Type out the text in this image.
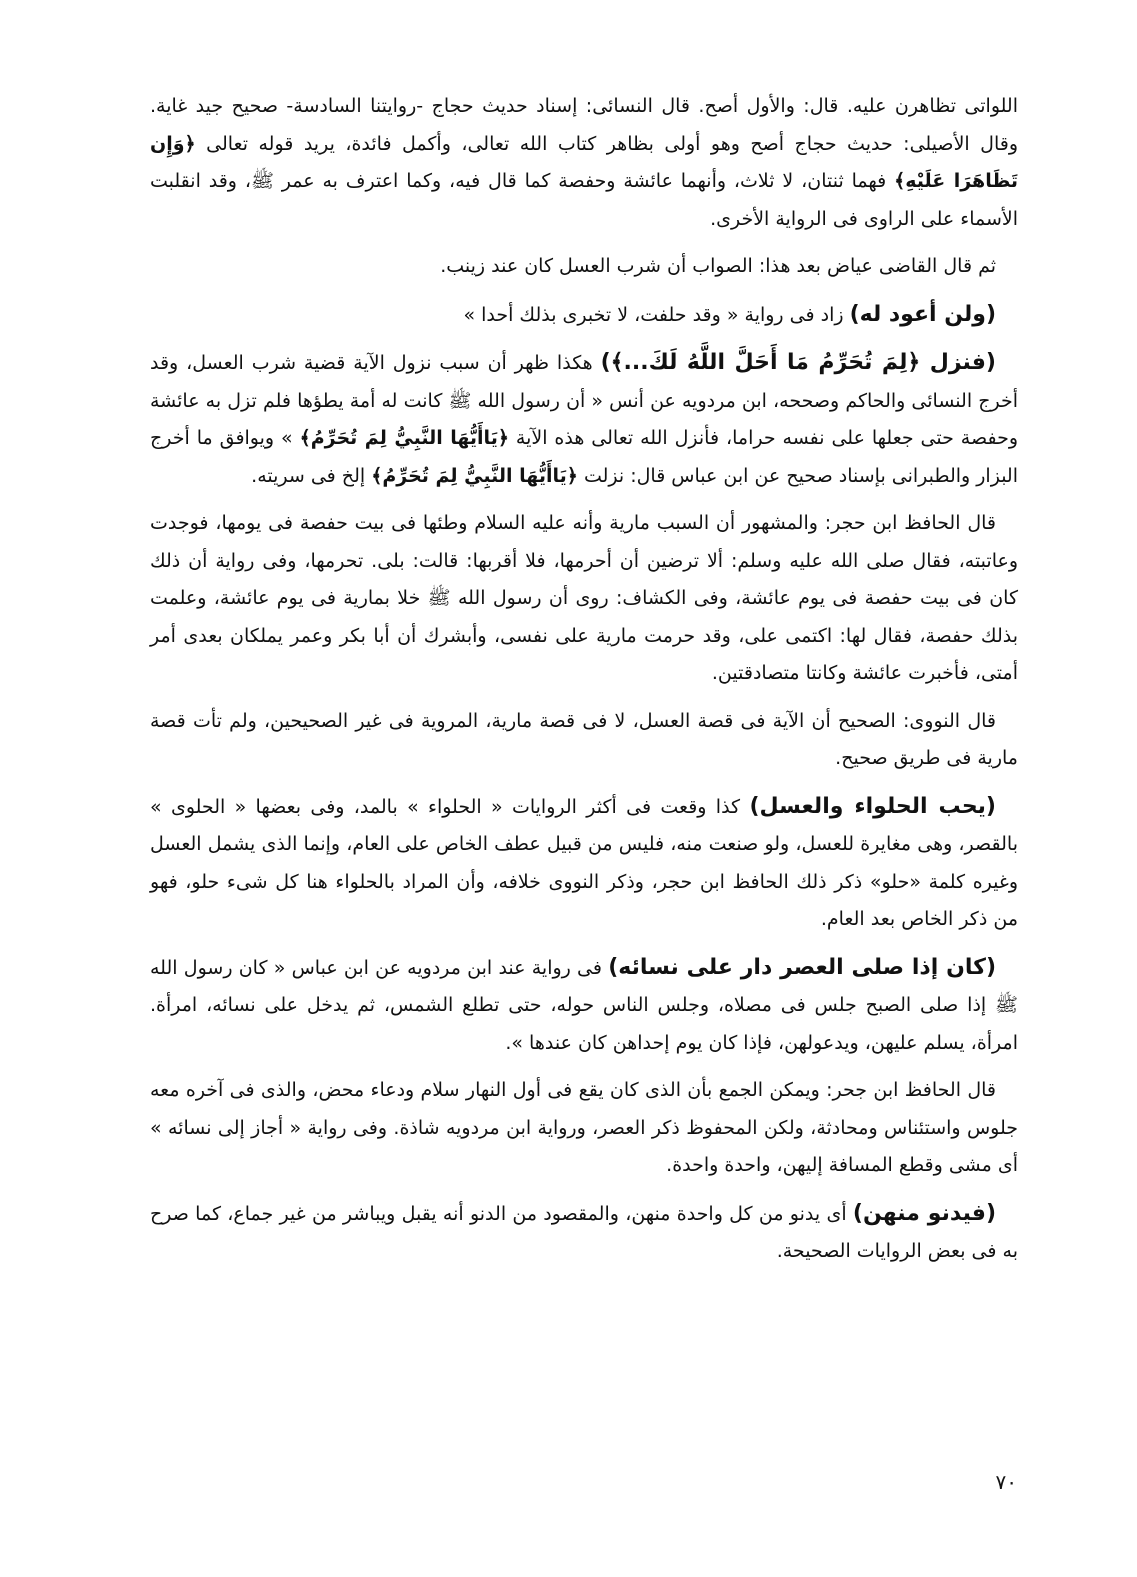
اللواتى تظاهرن عليه. قال: والأول أصح. قال النسائى: إسناد حديث حجاج -روايتنا السادسة- صحيح جيد غاية. وقال الأصيلى: حديث حجاج أصح وهو أولى بظاهر كتاب الله تعالى، وأكمل فائدة، يريد قوله تعالى ﴿وَإِن تَظَاهَرَا عَلَيْهِ﴾ فهما ثنتان، لا ثلاث، وأنهما عائشة وحفصة كما قال فيه، وكما اعترف به عمر ﷺ، وقد انقلبت الأسماء على الراوى فى الرواية الأخرى.

ثم قال القاضى عياض بعد هذا: الصواب أن شرب العسل كان عند زينب.

(ولن أعود له) زاد فى رواية « وقد حلفت، لا تخبرى بذلك أحدا »

(فنزل ﴿لِمَ تُحَرِّمُ مَا أَحَلَّ اللَّهُ لَكَ...﴾) هكذا ظهر أن سبب نزول الآية قضية شرب العسل، وقد أخرج النسائى والحاكم وصححه، ابن مردويه عن أنس « أن رسول الله ﷺ كانت له أمة يطؤها فلم تزل به عائشة وحفصة حتى جعلها على نفسه حراما، فأنزل الله تعالى هذه الآية ﴿يَاأَيُّهَا النَّبِيُّ لِمَ تُحَرِّمُ﴾ » ويوافق ما أخرج البزار والطبرانى بإسناد صحيح عن ابن عباس قال: نزلت ﴿يَاأَيُّهَا النَّبِيُّ لِمَ تُحَرِّمُ﴾ إلخ فى سريته.

قال الحافظ ابن حجر: والمشهور أن السبب مارية وأنه عليه السلام وطئها فى بيت حفصة فى يومها، فوجدت وعاتبته، فقال صلى الله عليه وسلم: ألا ترضين أن أحرمها، فلا أقربها: قالت: بلى. تحرمها، وفى رواية أن ذلك كان فى بيت حفصة فى يوم عائشة، وفى الكشاف: روى أن رسول الله ﷺ خلا بمارية فى يوم عائشة، وعلمت بذلك حفصة، فقال لها: اكتمى على، وقد حرمت مارية على نفسى، وأبشرك أن أبا بكر وعمر يملكان بعدى أمر أمتى، فأخبرت عائشة وكانتا متصادقتين.

قال النووى: الصحيح أن الآية فى قصة العسل، لا فى قصة مارية، المروية فى غير الصحيحين، ولم تأت قصة مارية فى طريق صحيح.

(يحب الحلواء والعسل) كذا وقعت فى أكثر الروايات « الحلواء » بالمد، وفى بعضها « الحلوى » بالقصر، وهى مغايرة للعسل، ولو صنعت منه، فليس من قبيل عطف الخاص على العام، وإنما الذى يشمل العسل وغيره كلمة «حلو» ذكر ذلك الحافظ ابن حجر، وذكر النووى خلافه، وأن المراد بالحلواء هنا كل شىء حلو، فهو من ذكر الخاص بعد العام.

(كان إذا صلى العصر دار على نسائه) فى رواية عند ابن مردويه عن ابن عباس « كان رسول الله ﷺ إذا صلى الصبح جلس فى مصلاه، وجلس الناس حوله، حتى تطلع الشمس، ثم يدخل على نسائه، امرأة. امرأة، يسلم عليهن، ويدعولهن، فإذا كان يوم إحداهن كان عندها ».

قال الحافظ ابن جحر: ويمكن الجمع بأن الذى كان يقع فى أول النهار سلام ودعاء محض، والذى فى آخره معه جلوس واستئناس ومحادثة، ولكن المحفوظ ذكر العصر، ورواية ابن مردويه شاذة. وفى رواية « أجاز إلى نسائه » أى مشى وقطع المسافة إليهن، واحدة واحدة.

(فيدنو منهن) أى يدنو من كل واحدة منهن، والمقصود من الدنو أنه يقبل ويباشر من غير جماع، كما صرح به فى بعض الروايات الصحيحة.

٧٠
